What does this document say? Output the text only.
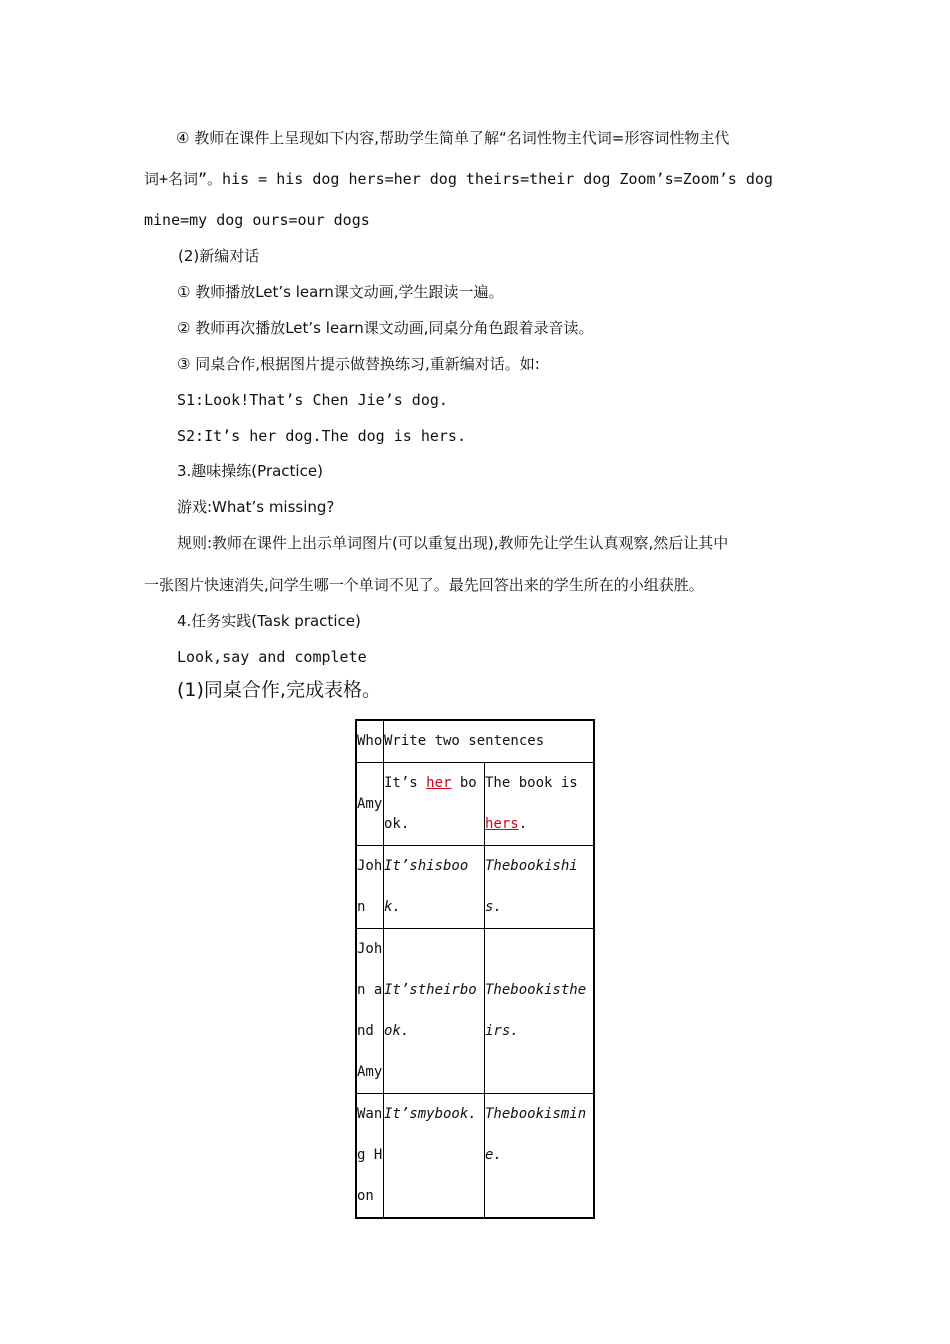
④ 教师在课件上呈现如下内容,帮助学生简单了解“名词性物主代词=形容词性物主代
词+名词”。his = his dog hers=her dog theirs=their dog Zoom’s=Zoom’s dog
mine=my dog ours=our dogs
(2)新编对话
① 教师播放Let’s learn课文动画,学生跟读一遍。
② 教师再次播放Let’s learn课文动画,同桌分角色跟着录音读。
③ 同桌合作,根据图片提示做替换练习,重新编对话。如:
S1:Look!That’s Chen Jie’s dog.
S2:It’s her dog.The dog is hers.
3.趣味操练(Practice)
游戏:What’s missing?
规则:教师在课件上出示单词图片(可以重复出现),教师先让学生认真观察,然后让其中
一张图片快速消失,问学生哪一个单词不见了。最先回答出来的学生所在的小组获胜。
4.任务实践(Task practice)
Look,say and complete
(1)同桌合作,完成表格。
Who	Write two sentences	

Amy	It’s her book.	The book is hers.

John	It’shisbook.	Thebookishis.

John and Amy	It’stheirbook.	Thebookistheirs.

Wang Hon	It’smybook.	Thebookismine.
